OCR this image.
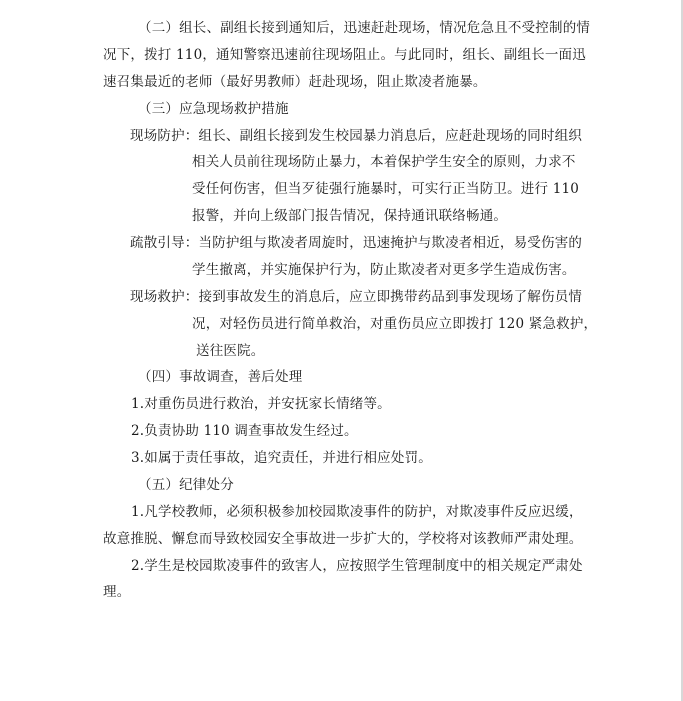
（二）组长、副组长接到通知后，迅速赶赴现场，情况危急且不受控制的情
况下，拨打 110，通知警察迅速前往现场阻止。与此同时，组长、副组长一面迅
速召集最近的老师（最好男教师）赶赴现场，阻止欺凌者施暴。
（三）应急现场救护措施
现场防护：组长、副组长接到发生校园暴力消息后，应赶赴现场的同时组织
相关人员前往现场防止暴力，本着保护学生安全的原则，力求不
受任何伤害，但当歹徒强行施暴时，可实行正当防卫。进行 110
报警，并向上级部门报告情况，保持通讯联络畅通。
疏散引导：当防护组与欺凌者周旋时，迅速掩护与欺凌者相近，易受伤害的
学生撤离，并实施保护行为，防止欺凌者对更多学生造成伤害。
现场救护：接到事故发生的消息后，应立即携带药品到事发现场了解伤员情
况，对轻伤员进行简单救治，对重伤员应立即拨打 120 紧急救护，
送往医院。
（四）事故调查，善后处理
1.对重伤员进行救治，并安抚家长情绪等。
2.负责协助 110 调查事故发生经过。
3.如属于责任事故，追究责任，并进行相应处罚。
（五）纪律处分
1.凡学校教师，必须积极参加校园欺凌事件的防护，对欺凌事件反应迟缓，
故意推脱、懈怠而导致校园安全事故进一步扩大的，学校将对该教师严肃处理。
2.学生是校园欺凌事件的致害人，应按照学生管理制度中的相关规定严肃处
理。
